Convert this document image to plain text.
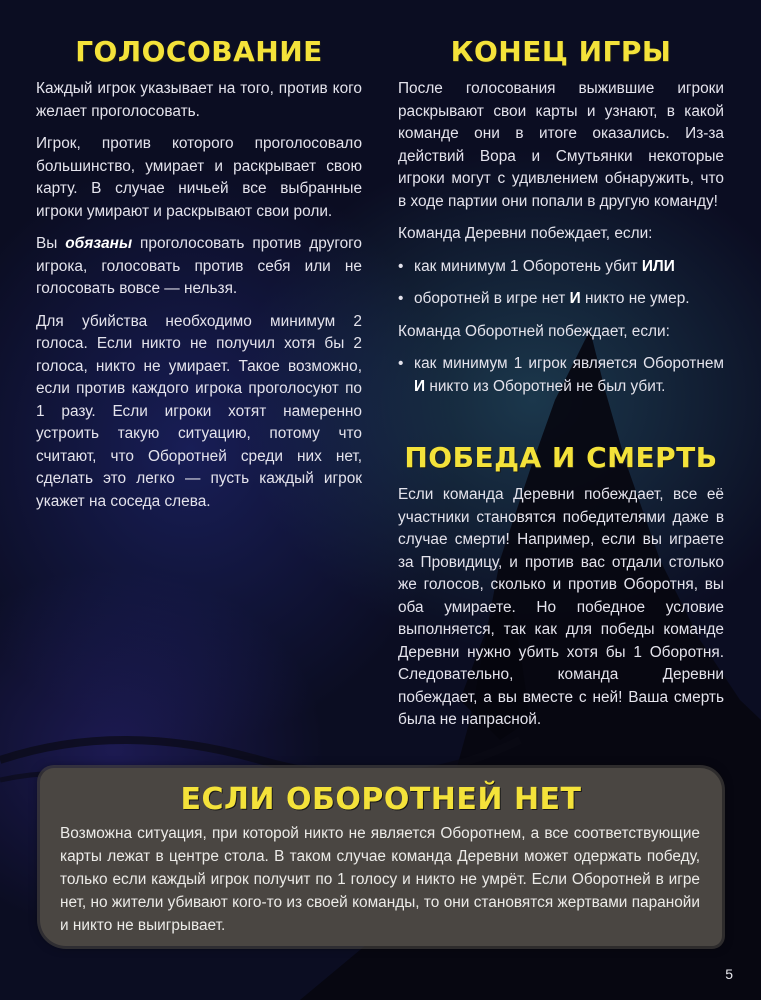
ГОЛОСОВАНИЕ

Каждый игрок указывает на того, против кого желает проголосовать.

Игрок, против которого проголосовало большинство, умирает и раскрывает свою карту. В случае ничьей все выбранные игроки умирают и раскрывают свои роли.

Вы обязаны проголосовать против другого игрока, голосовать против себя или не голосовать вовсе — нельзя.

Для убийства необходимо минимум 2 голоса. Если никто не получил хотя бы 2 голоса, никто не умирает. Такое возможно, если против каждого игрока проголосуют по 1 разу. Если игроки хотят намеренно устроить такую ситуацию, потому что считают, что Оборотней среди них нет, сделать это легко — пусть каждый игрок укажет на соседа слева.

КОНЕЦ ИГРЫ

После голосования выжившие игроки раскрывают свои карты и узнают, в какой команде они в итоге оказались. Из-за действий Вора и Смутьянки некоторые игроки могут с удивлением обнаружить, что в ходе партии они попали в другую команду!

Команда Деревни побеждает, если:

• как минимум 1 Оборотень убит ИЛИ

• оборотней в игре нет И никто не умер.

Команда Оборотней побеждает, если:

• как минимум 1 игрок является Оборотнем И никто из Оборотней не был убит.

ПОБЕДА И СМЕРТЬ

Если команда Деревни побеждает, все её участники становятся победителями даже в случае смерти! Например, если вы играете за Провидицу, и против вас отдали столько же голосов, сколько и против Оборотня, вы оба умираете. Но победное условие выполняется, так как для победы команде Деревни нужно убить хотя бы 1 Оборотня. Следовательно, команда Деревни побеждает, а вы вместе с ней! Ваша смерть была не напрасной.

ЕСЛИ ОБОРОТНЕЙ НЕТ
Возможна ситуация, при которой никто не является Оборотнем, а все соответствующие карты лежат в центре стола. В таком случае команда Деревни может одержать победу, только если каждый игрок получит по 1 голосу и никто не умрёт. Если Оборотней в игре нет, но жители убивают кого-то из своей команды, то они становятся жертвами паранойи и никто не выигрывает.
5
